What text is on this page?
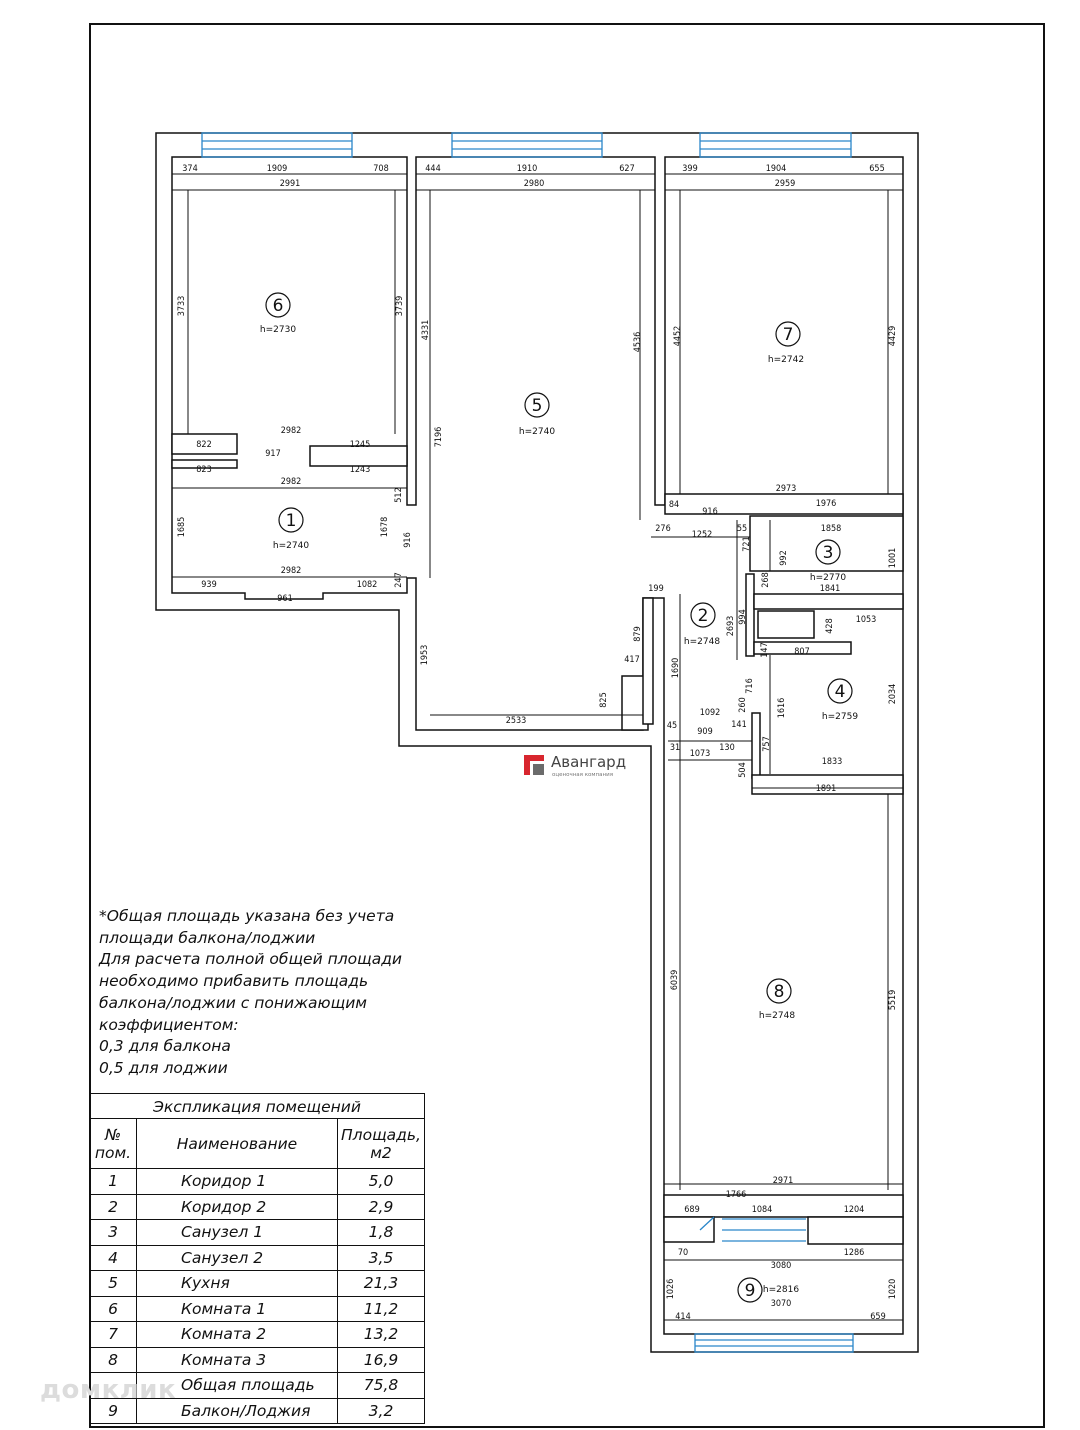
6
h=2730
5
h=2740
7
h=2742
1
h=2740
2
h=2748
3
h=2770
4
h=2759
8
h=2748
9 h=2816
374	1909	708
2991
444	1910	627
2980
399	1904	655
2959
2982
822
917
1245
823
2982
1243
2982
939	1082
961
2533
417
199
84
916
2973
1976
276
1252
55	1858
1841
1053
807
1092
45	141
909
31	130
1073
1833
1891
2971
1766
689	1084	1204
70	1286
3080
3070
414	659
3733	3739
4331
4536	4452	4429
7196
512
1685	1678
916
247
1953
825
879
1690
721
992	1001
268
2693 994
428
147
716	2034
1616
260
757
504
6039
5519
1026	1020
Авангард
оценочная компания
*Общая площадь указана без учета
площади балкона/лоджии
Для расчета полной общей площади
необходимо прибавить площадь
балкона/лоджии с понижающим
коэффициентом:
0,3 для балкона
0,5 для лоджии
Экспликация помещений
№ пом.	Наименование	Площадь, м2
1	Коридор 1	5,0
2	Коридор 2	2,9
3	Санузел 1	1,8
4	Санузел 2	3,5
5	Кухня	21,3
6	Комната 1	11,2
7	Комната 2	13,2
8	Комната 3	16,9
	Общая площадь	75,8
9	Балкон/Лоджия	3,2
домклик
